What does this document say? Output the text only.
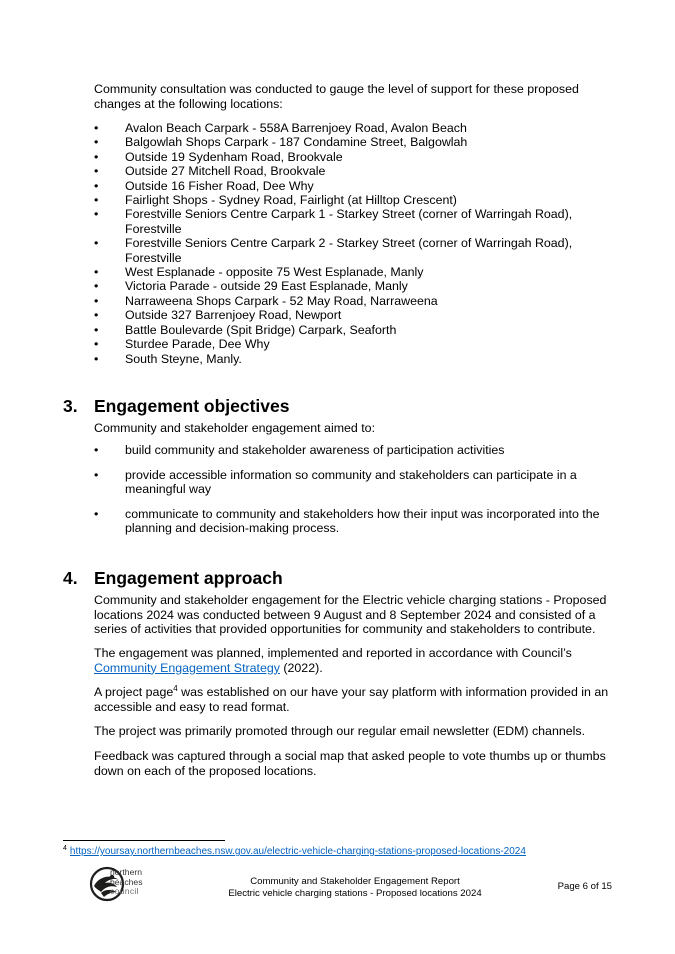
Community consultation was conducted to gauge the level of support for these proposed changes at the following locations:
• Avalon Beach Carpark - 558A Barrenjoey Road, Avalon Beach
• Balgowlah Shops Carpark - 187 Condamine Street, Balgowlah
• Outside 19 Sydenham Road, Brookvale
• Outside 27 Mitchell Road, Brookvale
• Outside 16 Fisher Road, Dee Why
• Fairlight Shops - Sydney Road, Fairlight (at Hilltop Crescent)
• Forestville Seniors Centre Carpark 1 - Starkey Street (corner of Warringah Road), Forestville
• Forestville Seniors Centre Carpark 2 - Starkey Street (corner of Warringah Road), Forestville
• West Esplanade - opposite 75 West Esplanade, Manly
• Victoria Parade - outside 29 East Esplanade, Manly
• Narraweena Shops Carpark - 52 May Road, Narraweena
• Outside 327 Barrenjoey Road, Newport
• Battle Boulevarde (Spit Bridge) Carpark, Seaforth
• Sturdee Parade, Dee Why
• South Steyne, Manly.
3. Engagement objectives
Community and stakeholder engagement aimed to:
• build community and stakeholder awareness of participation activities
• provide accessible information so community and stakeholders can participate in a meaningful way
• communicate to community and stakeholders how their input was incorporated into the planning and decision-making process.
4. Engagement approach
Community and stakeholder engagement for the Electric vehicle charging stations - Proposed locations 2024 was conducted between 9 August and 8 September 2024 and consisted of a series of activities that provided opportunities for community and stakeholders to contribute.
The engagement was planned, implemented and reported in accordance with Council’s Community Engagement Strategy (2022).
A project page$^4$ was established on our have your say platform with information provided in an accessible and easy to read format.
The project was primarily promoted through our regular email newsletter (EDM) channels.
Feedback was captured through a social map that asked people to vote thumbs up or thumbs down on each of the proposed locations.
$^4$ https://yoursay.northernbeaches.nsw.gov.au/electric-vehicle-charging-stations-proposed-locations-2024
northern
beaches
council
Community and Stakeholder Engagement Report
Electric vehicle charging stations - Proposed locations 2024
Page 6 of 15
